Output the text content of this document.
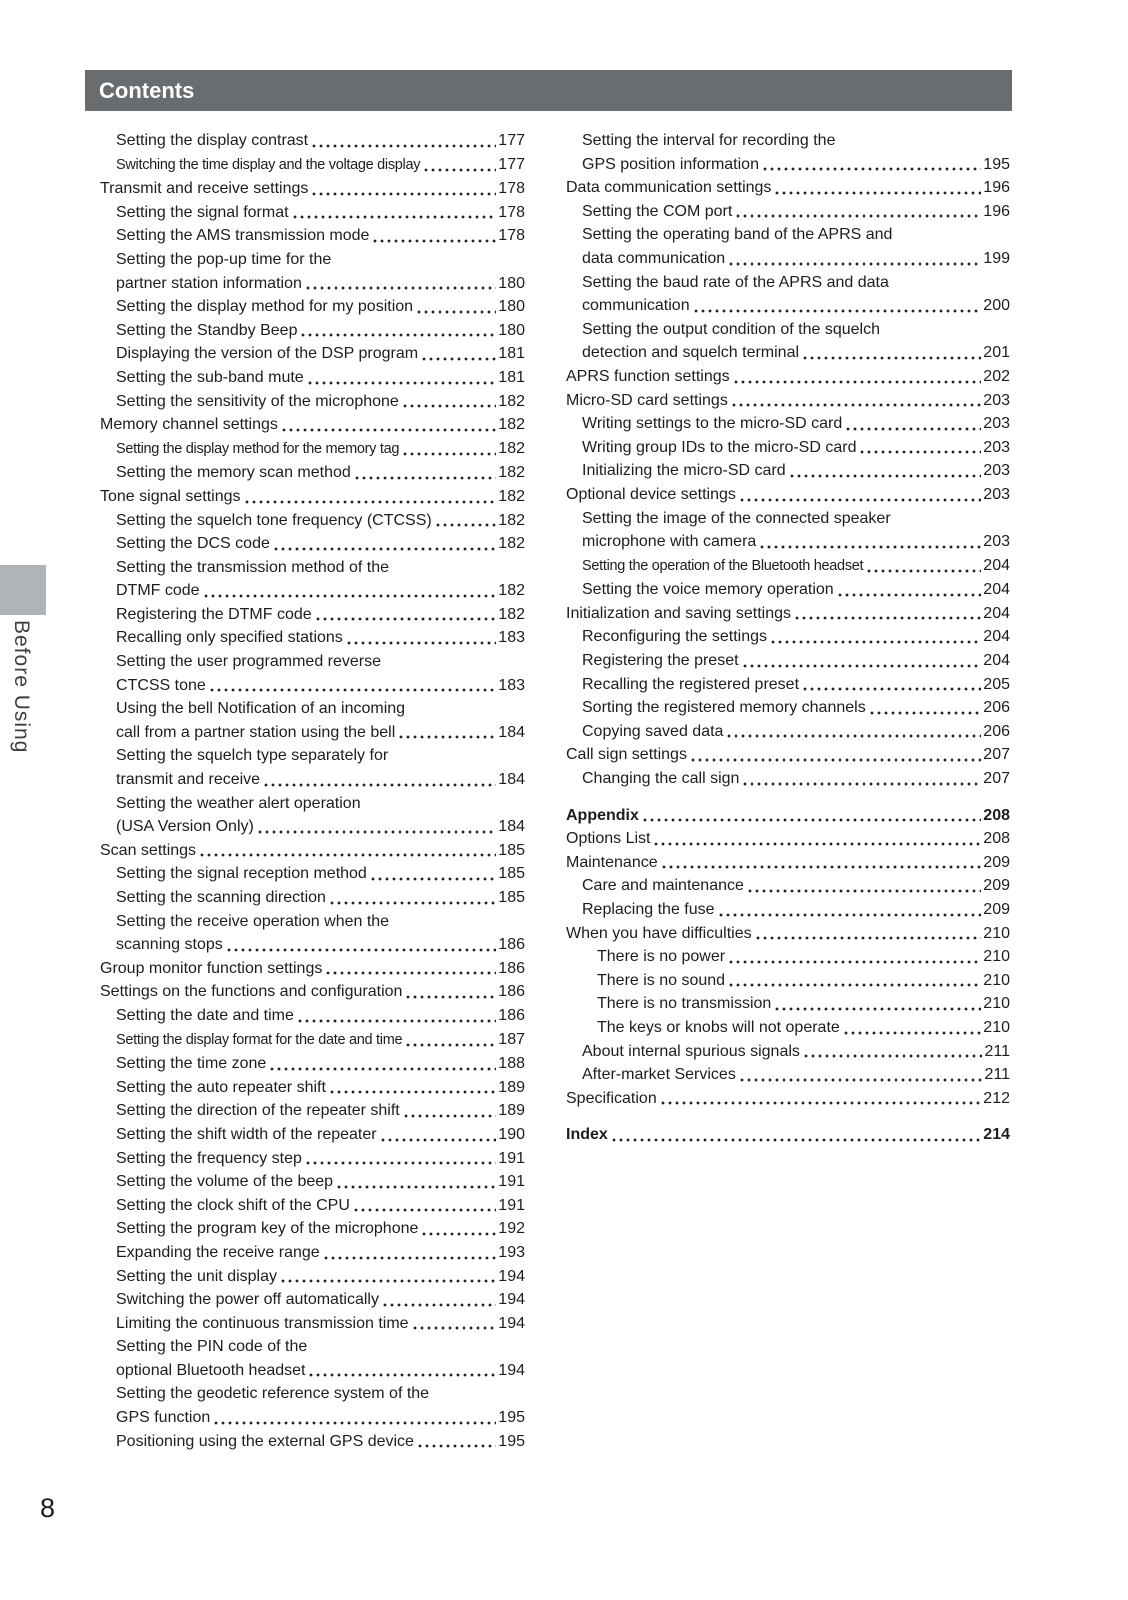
Contents
Setting the display contrast	177
Switching the time display and the voltage display	177
Transmit and receive settings	178
Setting the signal format	178
Setting the AMS transmission mode	178
Setting the pop-up time for the
partner station information	180
Setting the display method for my position	180
Setting the Standby Beep	180
Displaying the version of the DSP program	181
Setting the sub-band mute	181
Setting the sensitivity of the microphone	182
Memory channel settings	182
Setting the display method for the memory tag	182
Setting the memory scan method	182
Tone signal settings	182
Setting the squelch tone frequency (CTCSS)	182
Setting the DCS code	182
Setting the transmission method of the
DTMF code	182
Registering the DTMF code	182
Recalling only specified stations	183
Setting the user programmed reverse
CTCSS tone	183
Using the bell Notification of an incoming
call from a partner station using the bell	184
Setting the squelch type separately for
transmit and receive	184
Setting the weather alert operation
(USA Version Only)	184
Scan settings	185
Setting the signal reception method	185
Setting the scanning direction	185
Setting the receive operation when the
scanning stops	186
Group monitor function settings	186
Settings on the functions and configuration	186
Setting the date and time	186
Setting the display format for the date and time	187
Setting the time zone	188
Setting the auto repeater shift	189
Setting the direction of the repeater shift	189
Setting the shift width of the repeater	190
Setting the frequency step	191
Setting the volume of the beep	191
Setting the clock shift of the CPU	191
Setting the program key of the microphone	192
Expanding the receive range	193
Setting the unit display	194
Switching the power off automatically	194
Limiting the continuous transmission time	194
Setting the PIN code of the
optional Bluetooth headset	194
Setting the geodetic reference system of the
GPS function	195
Positioning using the external GPS device	195
Setting the interval for recording the
GPS position information	195
Data communication settings	196
Setting the COM port	196
Setting the operating band of the APRS and
data communication	199
Setting the baud rate of the APRS and data
communication	200
Setting the output condition of the squelch
detection and squelch terminal	201
APRS function settings	202
Micro-SD card settings	203
Writing settings to the micro-SD card	203
Writing group IDs to the micro-SD card	203
Initializing the micro-SD card	203
Optional device settings	203
Setting the image of the connected speaker
microphone with camera	203
Setting the operation of the Bluetooth headset	204
Setting the voice memory operation	204
Initialization and saving settings	204
Reconfiguring the settings	204
Registering the preset	204
Recalling the registered preset	205
Sorting the registered memory channels	206
Copying saved data	206
Call sign settings	207
Changing the call sign	207
Appendix	208
Options List	208
Maintenance	209
Care and maintenance	209
Replacing the fuse	209
When you have difficulties	210
There is no power	210
There is no sound	210
There is no transmission	210
The keys or knobs will not operate	210
About internal spurious signals	211
After-market Services	211
Specification	212
Index	214
Before Using
8
